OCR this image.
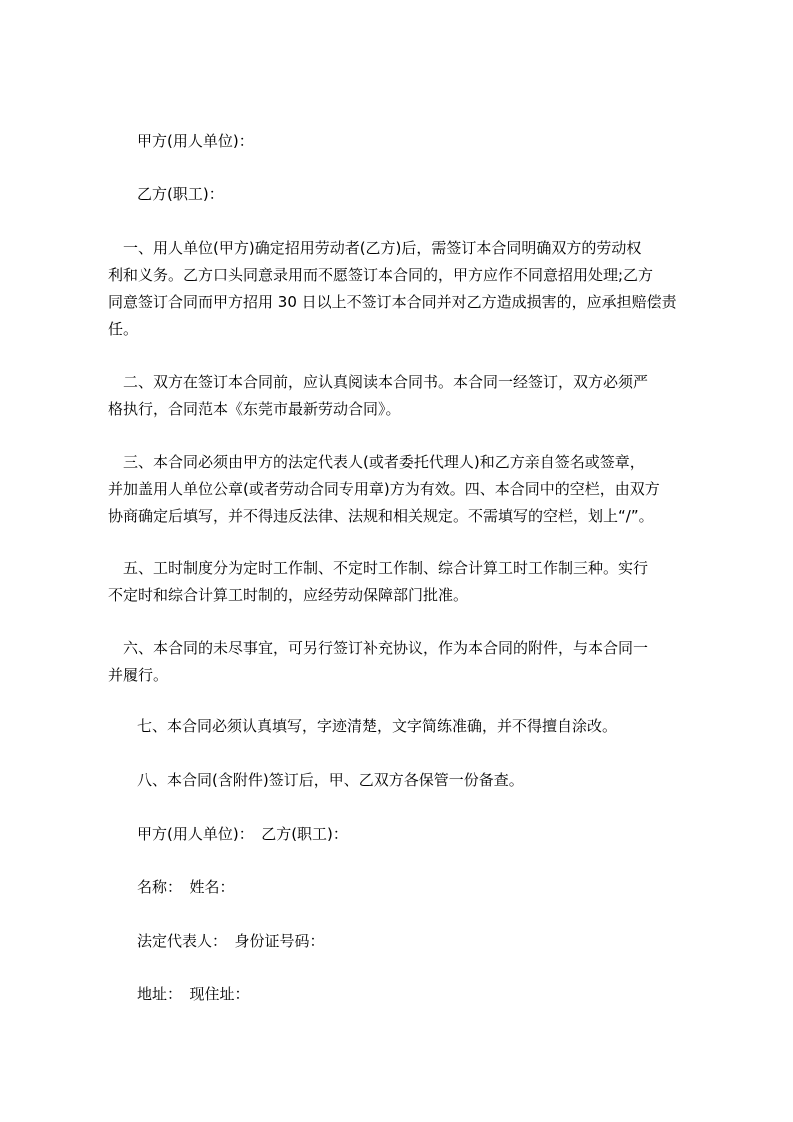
甲方(用人单位)：
乙方(职工)：
　一、用人单位(甲方)确定招用劳动者(乙方)后，需签订本合同明确双方的劳动权
利和义务。乙方口头同意录用而不愿签订本合同的，甲方应作不同意招用处理;乙方
同意签订合同而甲方招用 30 日以上不签订本合同并对乙方造成损害的，应承担赔偿责
任。
　二、双方在签订本合同前，应认真阅读本合同书。本合同一经签订，双方必须严
格执行，合同范本《东莞市最新劳动合同》。
　三、本合同必须由甲方的法定代表人(或者委托代理人)和乙方亲自签名或签章，
并加盖用人单位公章(或者劳动合同专用章)方为有效。四、本合同中的空栏，由双方
协商确定后填写，并不得违反法律、法规和相关规定。不需填写的空栏，划上“/”。
　五、工时制度分为定时工作制、不定时工作制、综合计算工时工作制三种。实行
不定时和综合计算工时制的，应经劳动保障部门批准。
　六、本合同的未尽事宜，可另行签订补充协议，作为本合同的附件，与本合同一
并履行。
七、本合同必须认真填写，字迹清楚，文字简练准确，并不得擅自涂改。
八、本合同(含附件)签订后，甲、乙双方各保管一份备查。
甲方(用人单位)：　乙方(职工)：
名称：　姓名：
法定代表人：　身份证号码：
地址：　现住址：
